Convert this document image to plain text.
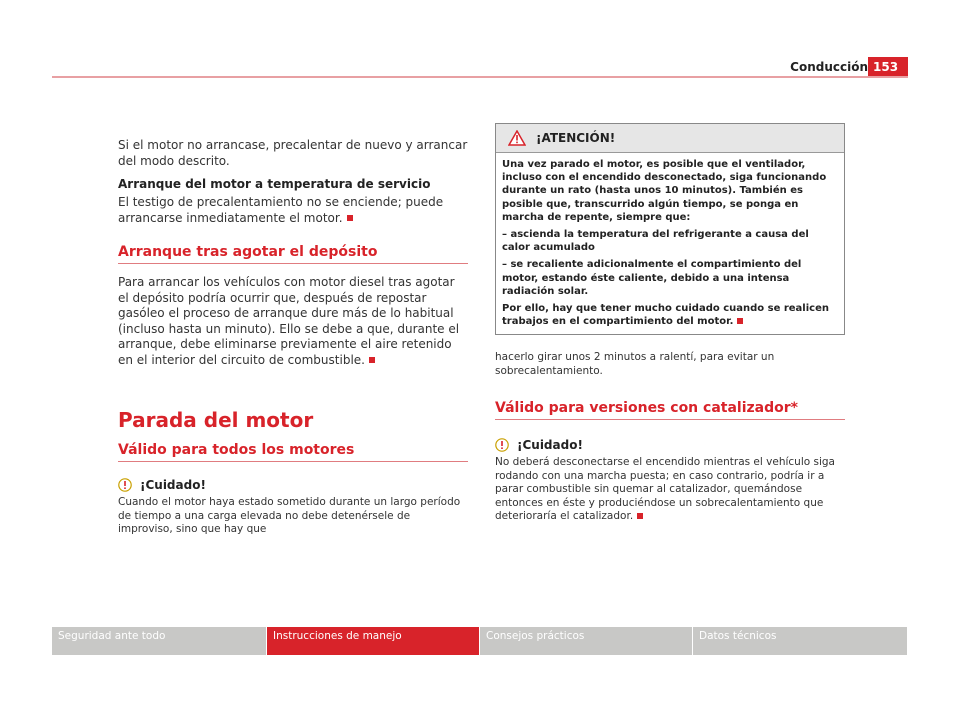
Conducción 153

Si el motor no arrancase, precalentar de nuevo y arrancar del modo descrito.

Arranque del motor a temperatura de servicio

El testigo de precalentamiento no se enciende; puede arrancarse inmediatamente el motor.

Arranque tras agotar el depósito

Para arrancar los vehículos con motor diesel tras agotar el depósito podría ocurrir que, después de repostar gasóleo el proceso de arranque dure más de lo habitual (incluso hasta un minuto). Ello se debe a que, durante el arranque, debe eliminarse previamente el aire retenido en el interior del circuito de combustible.

Parada del motor
Válido para todos los motores
¡Cuidado!

Cuando el motor haya estado sometido durante un largo período de tiempo a una carga elevada no debe detenérsele de improviso, sino que hay que

¡ATENCIÓN!

Una vez parado el motor, es posible que el ventilador, incluso con el encendido desconectado, siga funcionando durante un rato (hasta unos 10 minutos). También es posible que, transcurrido algún tiempo, se ponga en marcha de repente, siempre que:

– ascienda la temperatura del refrigerante a causa del calor acumulado

– se recaliente adicionalmente el compartimiento del motor, estando éste caliente, debido a una intensa radiación solar.

Por ello, hay que tener mucho cuidado cuando se realicen trabajos en el compartimiento del motor.

hacerlo girar unos 2 minutos a ralentí, para evitar un sobrecalentamiento.

Válido para versiones con catalizador*
¡Cuidado!

No deberá desconectarse el encendido mientras el vehículo siga rodando con una marcha puesta; en caso contrario, podría ir a parar combustible sin quemar al catalizador, quemándose entonces en éste y produciéndose un sobrecalentamiento que deterioraría el catalizador.

Seguridad ante todo	Instrucciones de manejo	Consejos prácticos	Datos técnicos
